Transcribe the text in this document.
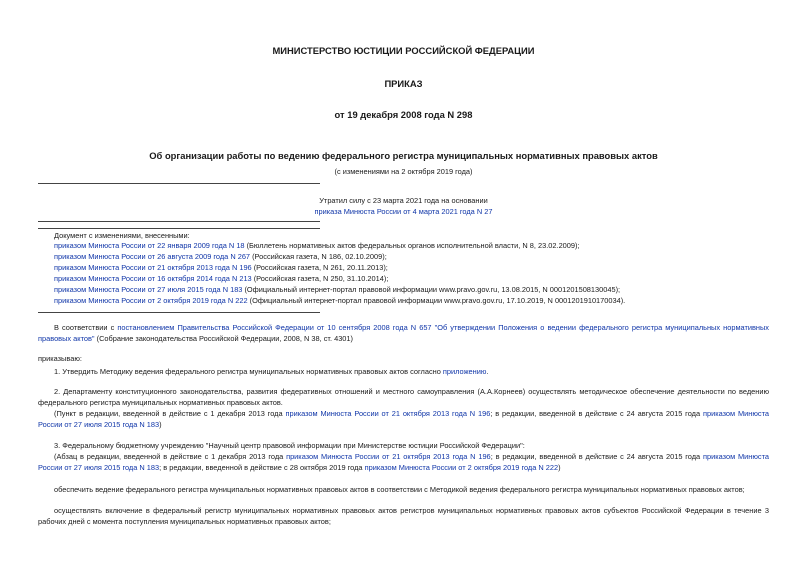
МИНИСТЕРСТВО ЮСТИЦИИ РОССИЙСКОЙ ФЕДЕРАЦИИ
ПРИКАЗ
от 19 декабря 2008 года N 298
Об организации работы по ведению федерального регистра муниципальных нормативных правовых актов
(с изменениями на 2 октября 2019 года)
Утратил силу с 23 марта 2021 года на основании
приказа Минюста России от 4 марта 2021 года N 27
Документ с изменениями, внесенными:
приказом Минюста России от 22 января 2009 года N 18 (Бюллетень нормативных актов федеральных органов исполнительной власти, N 8, 23.02.2009);
приказом Минюста России от 26 августа 2009 года N 267 (Российская газета, N 186, 02.10.2009);
приказом Минюста России от 21 октября 2013 года N 196 (Российская газета, N 261, 20.11.2013);
приказом Минюста России от 16 октября 2014 года N 213 (Российская газета, N 250, 31.10.2014);
приказом Минюста России от 27 июля 2015 года N 183 (Официальный интернет-портал правовой информации www.pravo.gov.ru, 13.08.2015, N 0001201508130045);
приказом Минюста России от 2 октября 2019 года N 222 (Официальный интернет-портал правовой информации www.pravo.gov.ru, 17.10.2019, N 0001201910170034).
В соответствии с постановлением Правительства Российской Федерации от 10 сентября 2008 года N 657 "Об утверждении Положения о ведении федерального регистра муниципальных нормативных правовых актов" (Собрание законодательства Российской Федерации, 2008, N 38, ст. 4301)
приказываю:
1. Утвердить Методику ведения федерального регистра муниципальных нормативных правовых актов согласно приложению.
2. Департаменту конституционного законодательства, развития федеративных отношений и местного самоуправления (А.А.Корнеев) осуществлять методическое обеспечение деятельности по ведению федерального регистра муниципальных нормативных правовых актов.
(Пункт в редакции, введенной в действие с 1 декабря 2013 года приказом Минюста России от 21 октября 2013 года N 196; в редакции, введенной в действие с 24 августа 2015 года приказом Минюста России от 27 июля 2015 года N 183)
3. Федеральному бюджетному учреждению "Научный центр правовой информации при Министерстве юстиции Российской Федерации":
(Абзац в редакции, введенной в действие с 1 декабря 2013 года приказом Минюста России от 21 октября 2013 года N 196; в редакции, введенной в действие с 24 августа 2015 года приказом Минюста России от 27 июля 2015 года N 183; в редакции, введенной в действие с 28 октября 2019 года приказом Минюста России от 2 октября 2019 года N 222)
обеспечить ведение федерального регистра муниципальных нормативных правовых актов в соответствии с Методикой ведения федерального регистра муниципальных нормативных правовых актов;
осуществлять включение в федеральный регистр муниципальных нормативных правовых актов регистров муниципальных нормативных правовых актов субъектов Российской Федерации в течение 3 рабочих дней с момента поступления муниципальных нормативных правовых актов;
